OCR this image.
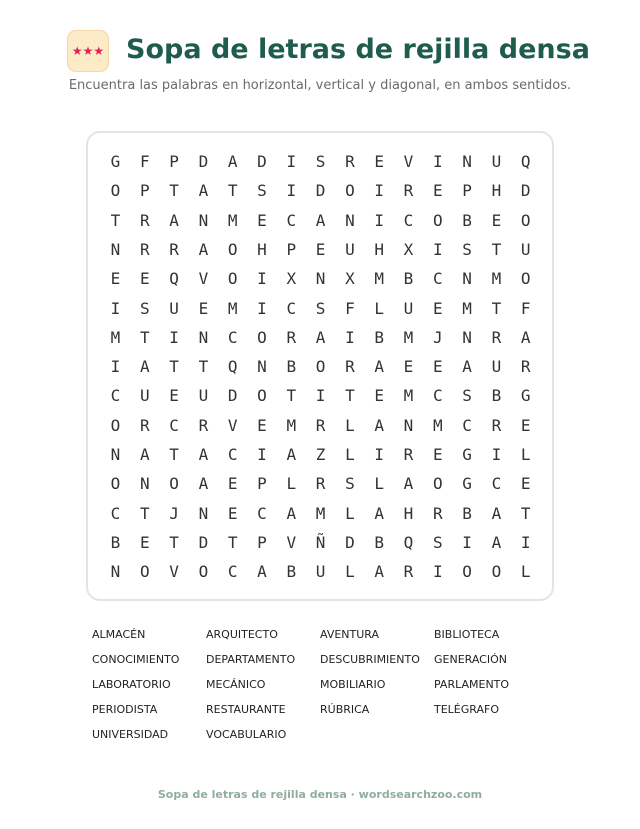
★★★ Sopa de letras de rejilla densa
Encuentra las palabras en horizontal, vertical y diagonal, en ambos sentidos.
G	F	P	D	A	D	I	S	R	E	V	I	N	U	Q
O	P	T	A	T	S	I	D	O	I	R	E	P	H	D
T	R	A	N	M	E	C	A	N	I	C	O	B	E	O
N	R	R	A	O	H	P	E	U	H	X	I	S	T	U
E	E	Q	V	O	I	X	N	X	M	B	C	N	M	O
I	S	U	E	M	I	C	S	F	L	U	E	M	T	F
M	T	I	N	C	O	R	A	I	B	M	J	N	R	A
I	A	T	T	Q	N	B	O	R	A	E	E	A	U	R
C	U	E	U	D	O	T	I	T	E	M	C	S	B	G
O	R	C	R	V	E	M	R	L	A	N	M	C	R	E
N	A	T	A	C	I	A	Z	L	I	R	E	G	I	L
O	N	O	A	E	P	L	R	S	L	A	O	G	C	E
C	T	J	N	E	C	A	M	L	A	H	R	B	A	T
B	E	T	D	T	P	V	Ñ	D	B	Q	S	I	A	I
N	O	V	O	C	A	B	U	L	A	R	I	O	O	L
ALMACÉN	ARQUITECTO	AVENTURA	BIBLIOTECA
CONOCIMIENTO DEPARTAMENTO DESCUBRIMIENTO GENERACIÓN
LABORATORIO	MECÁNICO	MOBILIARIO	PARLAMENTO
PERIODISTA	RESTAURANTE	RÚBRICA	TELÉGRAFO
UNIVERSIDAD	VOCABULARIO
Sopa de letras de rejilla densa · wordsearchzoo.com
